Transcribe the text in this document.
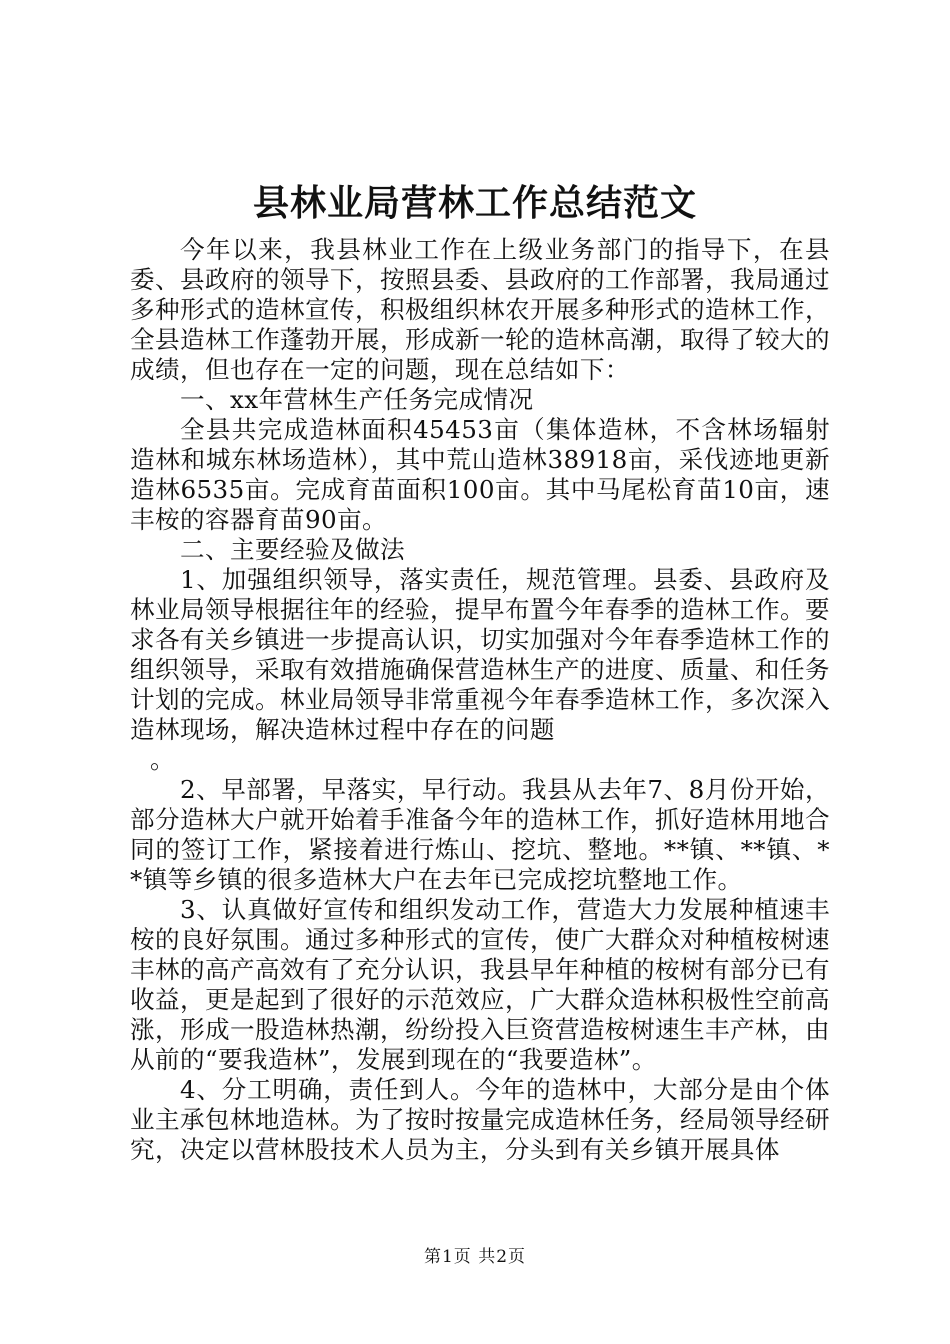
县林业局营林工作总结范文

今年以来，我县林业工作在上级业务部门的指导下，在县委、县政府的领导下，按照县委、县政府的工作部署，我局通过多种形式的造林宣传，积极组织林农开展多种形式的造林工作，全县造林工作蓬勃开展，形成新一轮的造林高潮，取得了较大的成绩，但也存在一定的问题，现在总结如下：

一、xx年营林生产任务完成情况

全县共完成造林面积45453亩（集体造林，不含林场辐射造林和城东林场造林），其中荒山造林38918亩，采伐迹地更新造林6535亩。完成育苗面积100亩。其中马尾松育苗10亩，速丰桉的容器育苗90亩。

二、主要经验及做法

1、加强组织领导，落实责任，规范管理。县委、县政府及林业局领导根据往年的经验，提早布置今年春季的造林工作。要求各有关乡镇进一步提高认识，切实加强对今年春季造林工作的组织领导，采取有效措施确保营造林生产的进度、质量、和任务计划的完成。林业局领导非常重视今年春季造林工作，多次深入造林现场，解决造林过程中存在的问题

。

2、早部署，早落实，早行动。我县从去年7、8月份开始，部分造林大户就开始着手准备今年的造林工作，抓好造林用地合同的签订工作，紧接着进行炼山、挖坑、整地。**镇、**镇、**镇等乡镇的很多造林大户在去年已完成挖坑整地工作。

3、认真做好宣传和组织发动工作，营造大力发展种植速丰桉的良好氛围。通过多种形式的宣传，使广大群众对种植桉树速丰林的高产高效有了充分认识，我县早年种植的桉树有部分已有收益，更是起到了很好的示范效应，广大群众造林积极性空前高涨，形成一股造林热潮，纷纷投入巨资营造桉树速生丰产林，由从前的“要我造林”，发展到现在的“我要造林”。

4、分工明确，责任到人。今年的造林中，大部分是由个体业主承包林地造林。为了按时按量完成造林任务，经局领导经研究，决定以营林股技术人员为主，分头到有关乡镇开展具体

第1页 共2页
